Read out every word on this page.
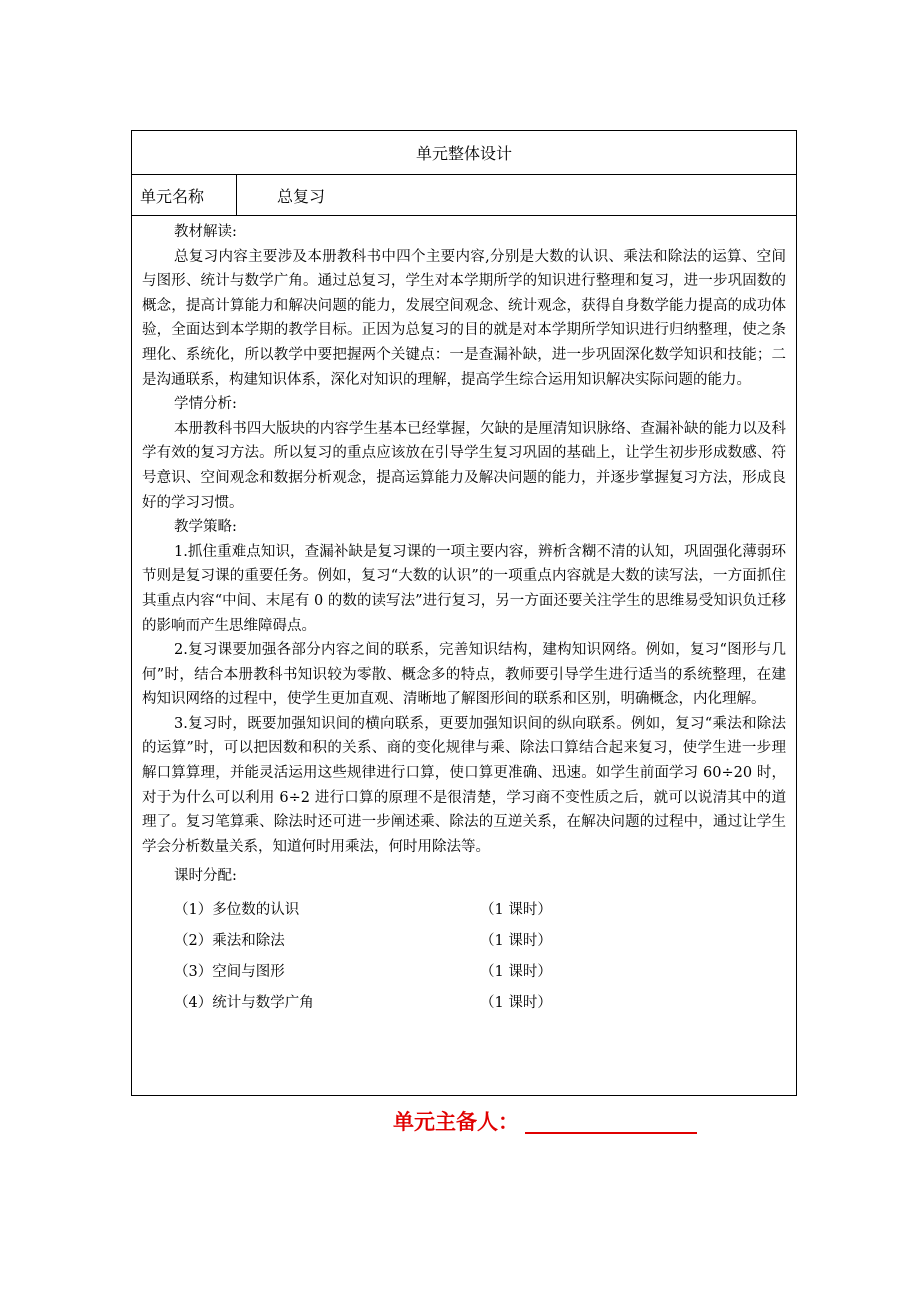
单元整体设计
单元名称	总复习
教材解读:

总复习内容主要涉及本册教科书中四个主要内容,分别是大数的认识、乘法和除法的运算、空间与图形、统计与数学广角。通过总复习，学生对本学期所学的知识进行整理和复习，进一步巩固数的概念，提高计算能力和解决问题的能力，发展空间观念、统计观念，获得自身数学能力提高的成功体验，全面达到本学期的教学目标。正因为总复习的目的就是对本学期所学知识进行归纳整理，使之条理化、系统化，所以教学中要把握两个关键点：一是查漏补缺，进一步巩固深化数学知识和技能；二是沟通联系，构建知识体系，深化对知识的理解，提高学生综合运用知识解决实际问题的能力。

学情分析:

本册教科书四大版块的内容学生基本已经掌握，欠缺的是厘清知识脉络、查漏补缺的能力以及科学有效的复习方法。所以复习的重点应该放在引导学生复习巩固的基础上，让学生初步形成数感、符号意识、空间观念和数据分析观念，提高运算能力及解决问题的能力，并逐步掌握复习方法，形成良好的学习习惯。

教学策略:

1.抓住重难点知识，查漏补缺是复习课的一项主要内容，辨析含糊不清的认知，巩固强化薄弱环节则是复习课的重要任务。例如，复习“大数的认识”的一项重点内容就是大数的读写法，一方面抓住其重点内容“中间、末尾有 0 的数的读写法”进行复习，另一方面还要关注学生的思维易受知识负迁移的影响而产生思维障碍点。

2.复习课要加强各部分内容之间的联系，完善知识结构，建构知识网络。例如，复习“图形与几何”时，结合本册教科书知识较为零散、概念多的特点，教师要引导学生进行适当的系统整理，在建构知识网络的过程中，使学生更加直观、清晰地了解图形间的联系和区别，明确概念，内化理解。

3.复习时，既要加强知识间的横向联系，更要加强知识间的纵向联系。例如，复习“乘法和除法的运算”时，可以把因数和积的关系、商的变化规律与乘、除法口算结合起来复习，使学生进一步理解口算算理，并能灵活运用这些规律进行口算，使口算更准确、迅速。如学生前面学习 60÷20 时，对于为什么可以利用 6÷2 进行口算的原理不是很清楚，学习商不变性质之后，就可以说清其中的道理了。复习笔算乘、除法时还可进一步阐述乘、除法的互逆关系，在解决问题的过程中，通过让学生学会分析数量关系，知道何时用乘法，何时用除法等。

课时分配:
（1）多位数的认识	（1 课时）
（2）乘法和除法	（1 课时）
（3）空间与图形	（1 课时）
（4）统计与数学广角	（1 课时）
单元主备人：
